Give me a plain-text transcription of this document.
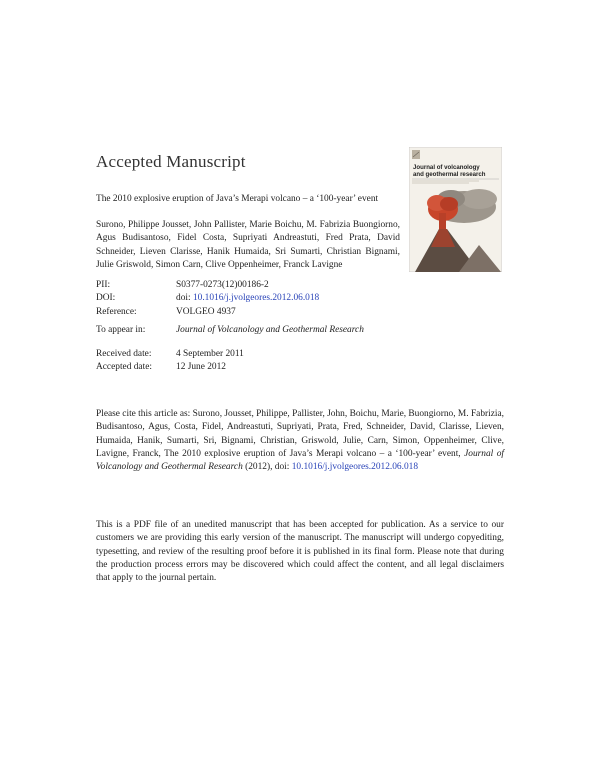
Accepted Manuscript
The 2010 explosive eruption of Java’s Merapi volcano – a ‘100-year’ event
Surono, Philippe Jousset, John Pallister, Marie Boichu, M. Fabrizia Buongiorno, Agus Budisantoso, Fidel Costa, Supriyati Andreastuti, Fred Prata, David Schneider, Lieven Clarisse, Hanik Humaida, Sri Sumarti, Christian Bignami, Julie Griswold, Simon Carn, Clive Oppenheimer, Franck Lavigne
PII:	S0377-0273(12)00186-2
DOI:	doi: 10.1016/j.jvolgeores.2012.06.018
Reference:	VOLGEO 4937
To appear in:	Journal of Volcanology and Geothermal Research
Received date:	4 September 2011
Accepted date:	12 June 2012
Please cite this article as: Surono, Jousset, Philippe, Pallister, John, Boichu, Marie, Buongiorno, M. Fabrizia, Budisantoso, Agus, Costa, Fidel, Andreastuti, Supriyati, Prata, Fred, Schneider, David, Clarisse, Lieven, Humaida, Hanik, Sumarti, Sri, Bignami, Christian, Griswold, Julie, Carn, Simon, Oppenheimer, Clive, Lavigne, Franck, The 2010 explosive eruption of Java’s Merapi volcano – a ‘100-year’ event, Journal of Volcanology and Geothermal Research (2012), doi: 10.1016/j.jvolgeores.2012.06.018
This is a PDF file of an unedited manuscript that has been accepted for publication. As a service to our customers we are providing this early version of the manuscript. The manuscript will undergo copyediting, typesetting, and review of the resulting proof before it is published in its final form. Please note that during the production process errors may be discovered which could affect the content, and all legal disclaimers that apply to the journal pertain.
Journal of volcanology
and geothermal research
